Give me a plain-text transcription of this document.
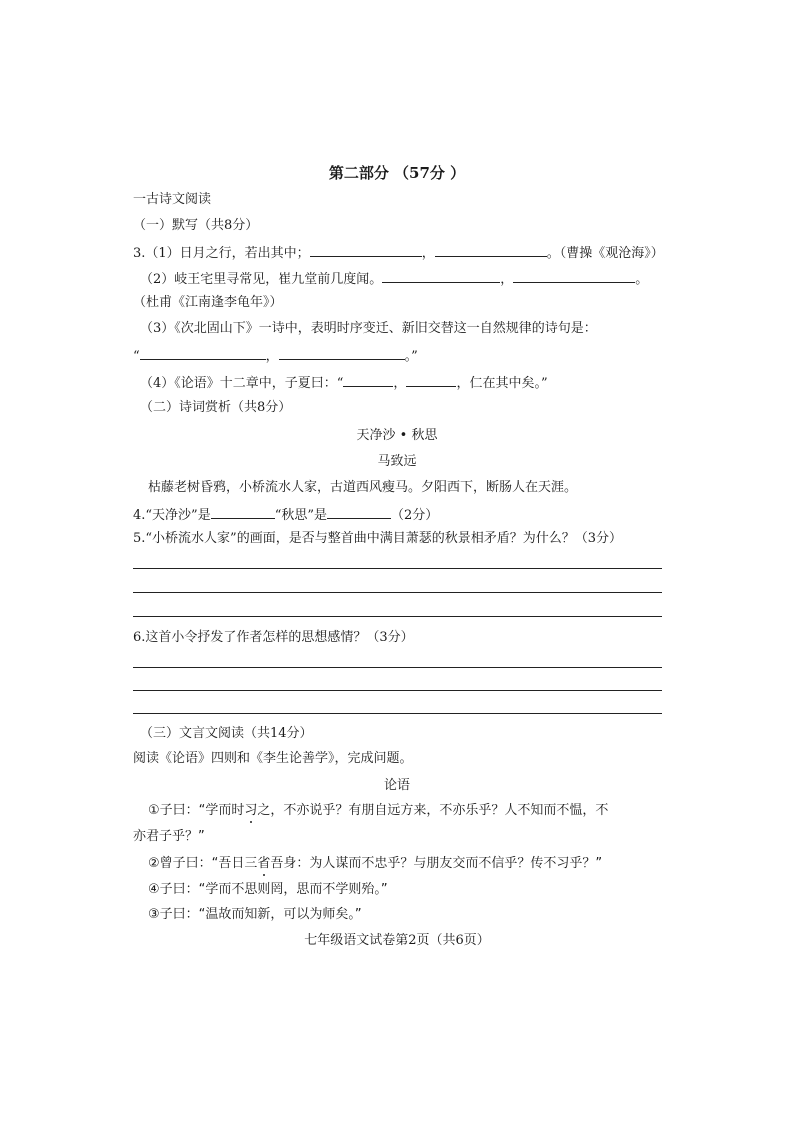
第二部分 （57分 ）
一古诗文阅读
（一）默写（共8分）
3.（1）日月之行，若出其中；	，	。（曹操《观沧海》）
（2）岐王宅里寻常见，崔九堂前几度闻。	，	。
（杜甫《江南逢李龟年》）
（3）《次北固山下》一诗中，表明时序变迁、新旧交替这一自然规律的诗句是：
“	，	。”
（4）《论语》十二章中，子夏曰：“	，	，仁在其中矣。”
（二）诗词赏析（共8分）
天净沙 • 秋思
马致远
枯藤老树昏鸦，小桥流水人家，古道西风瘦马。夕阳西下，断肠人在天涯。
4.“天净沙”是	“秋思”是	（2分）
5.“小桥流水人家”的画面，是否与整首曲中满目萧瑟的秋景相矛盾？为什么？（3分）
6.这首小令抒发了作者怎样的思想感情？（3分）
（三）文言文阅读（共14分）
阅读《论语》四则和《李生论善学》，完成问题。
论语
①子曰：“学而时习之，不亦说乎？有朋自远方来，不亦乐乎？人不知而不愠，不
亦君子乎？”
②曾子曰：“吾日三省吾身：为人谋而不忠乎？与朋友交而不信乎？传不习乎？”
④子曰：“学而不思则罔，思而不学则殆。”
③子曰：“温故而知新，可以为师矣。”
七年级语文试卷第2页（共6页）
